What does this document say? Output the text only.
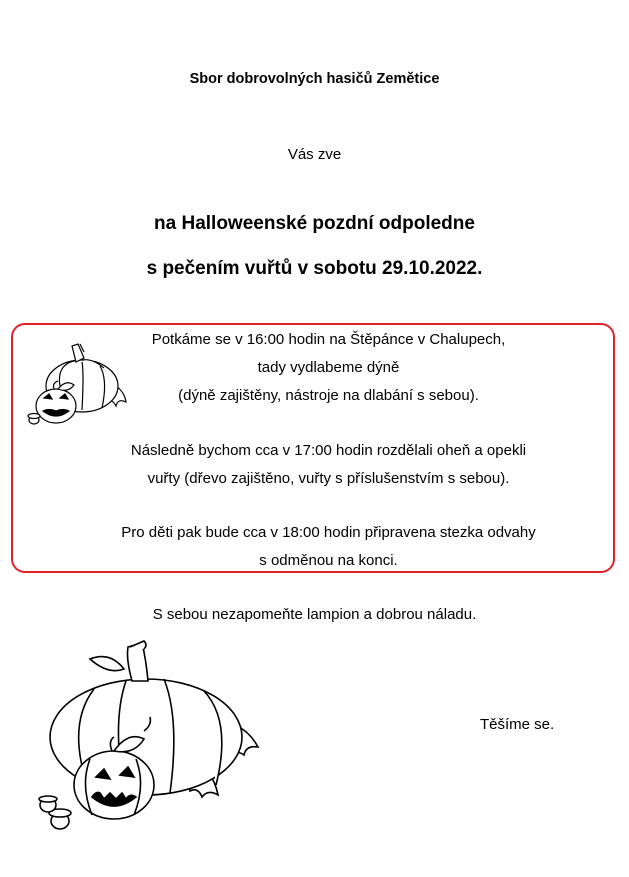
Sbor dobrovolných hasičů Zemětice
Vás zve
na Halloweenské pozdní odpoledne
s pečením vuřtů v sobotu 29.10.2022.
Potkáme se v 16:00 hodin na Štěpánce v Chalupech,
tady vydlabeme dýně
(dýně zajištěny, nástroje na dlabání s sebou).
Následně bychom cca v 17:00 hodin rozdělali oheň a opekli
vuřty (dřevo zajištěno, vuřty s příslušenstvím s sebou).
Pro děti pak bude cca v 18:00 hodin připravena stezka odvahy
s odměnou na konci.
S sebou nezapomeňte lampion a dobrou náladu.
Těšíme se.
